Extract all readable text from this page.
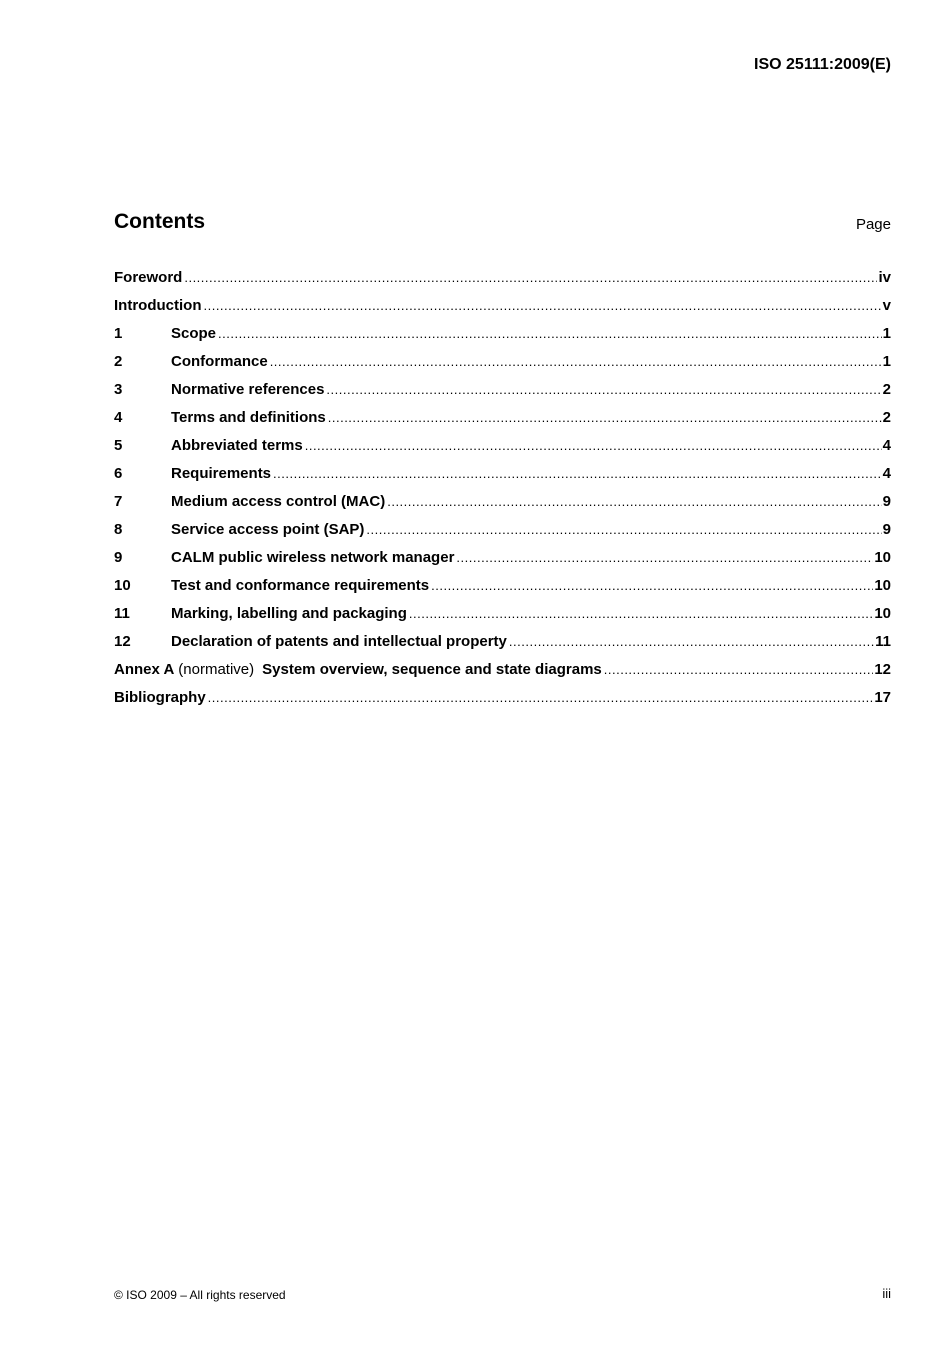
ISO 25111:2009(E)
Contents	Page
Foreword .....	iv
Introduction .....	v
1	Scope .....	1
2	Conformance .....	1
3	Normative references .....	2
4	Terms and definitions .....	2
5	Abbreviated terms .....	4
6	Requirements .....	4
7	Medium access control (MAC) .....	9
8	Service access point (SAP) .....	9
9	CALM public wireless network manager .....	10
10	Test and conformance requirements .....	10
11	Marking, labelling and packaging .....	10
12	Declaration of patents and intellectual property .....	11
Annex A (normative) System overview, sequence and state diagrams .....	12
Bibliography .....	17
© ISO 2009 – All rights reserved	iii
